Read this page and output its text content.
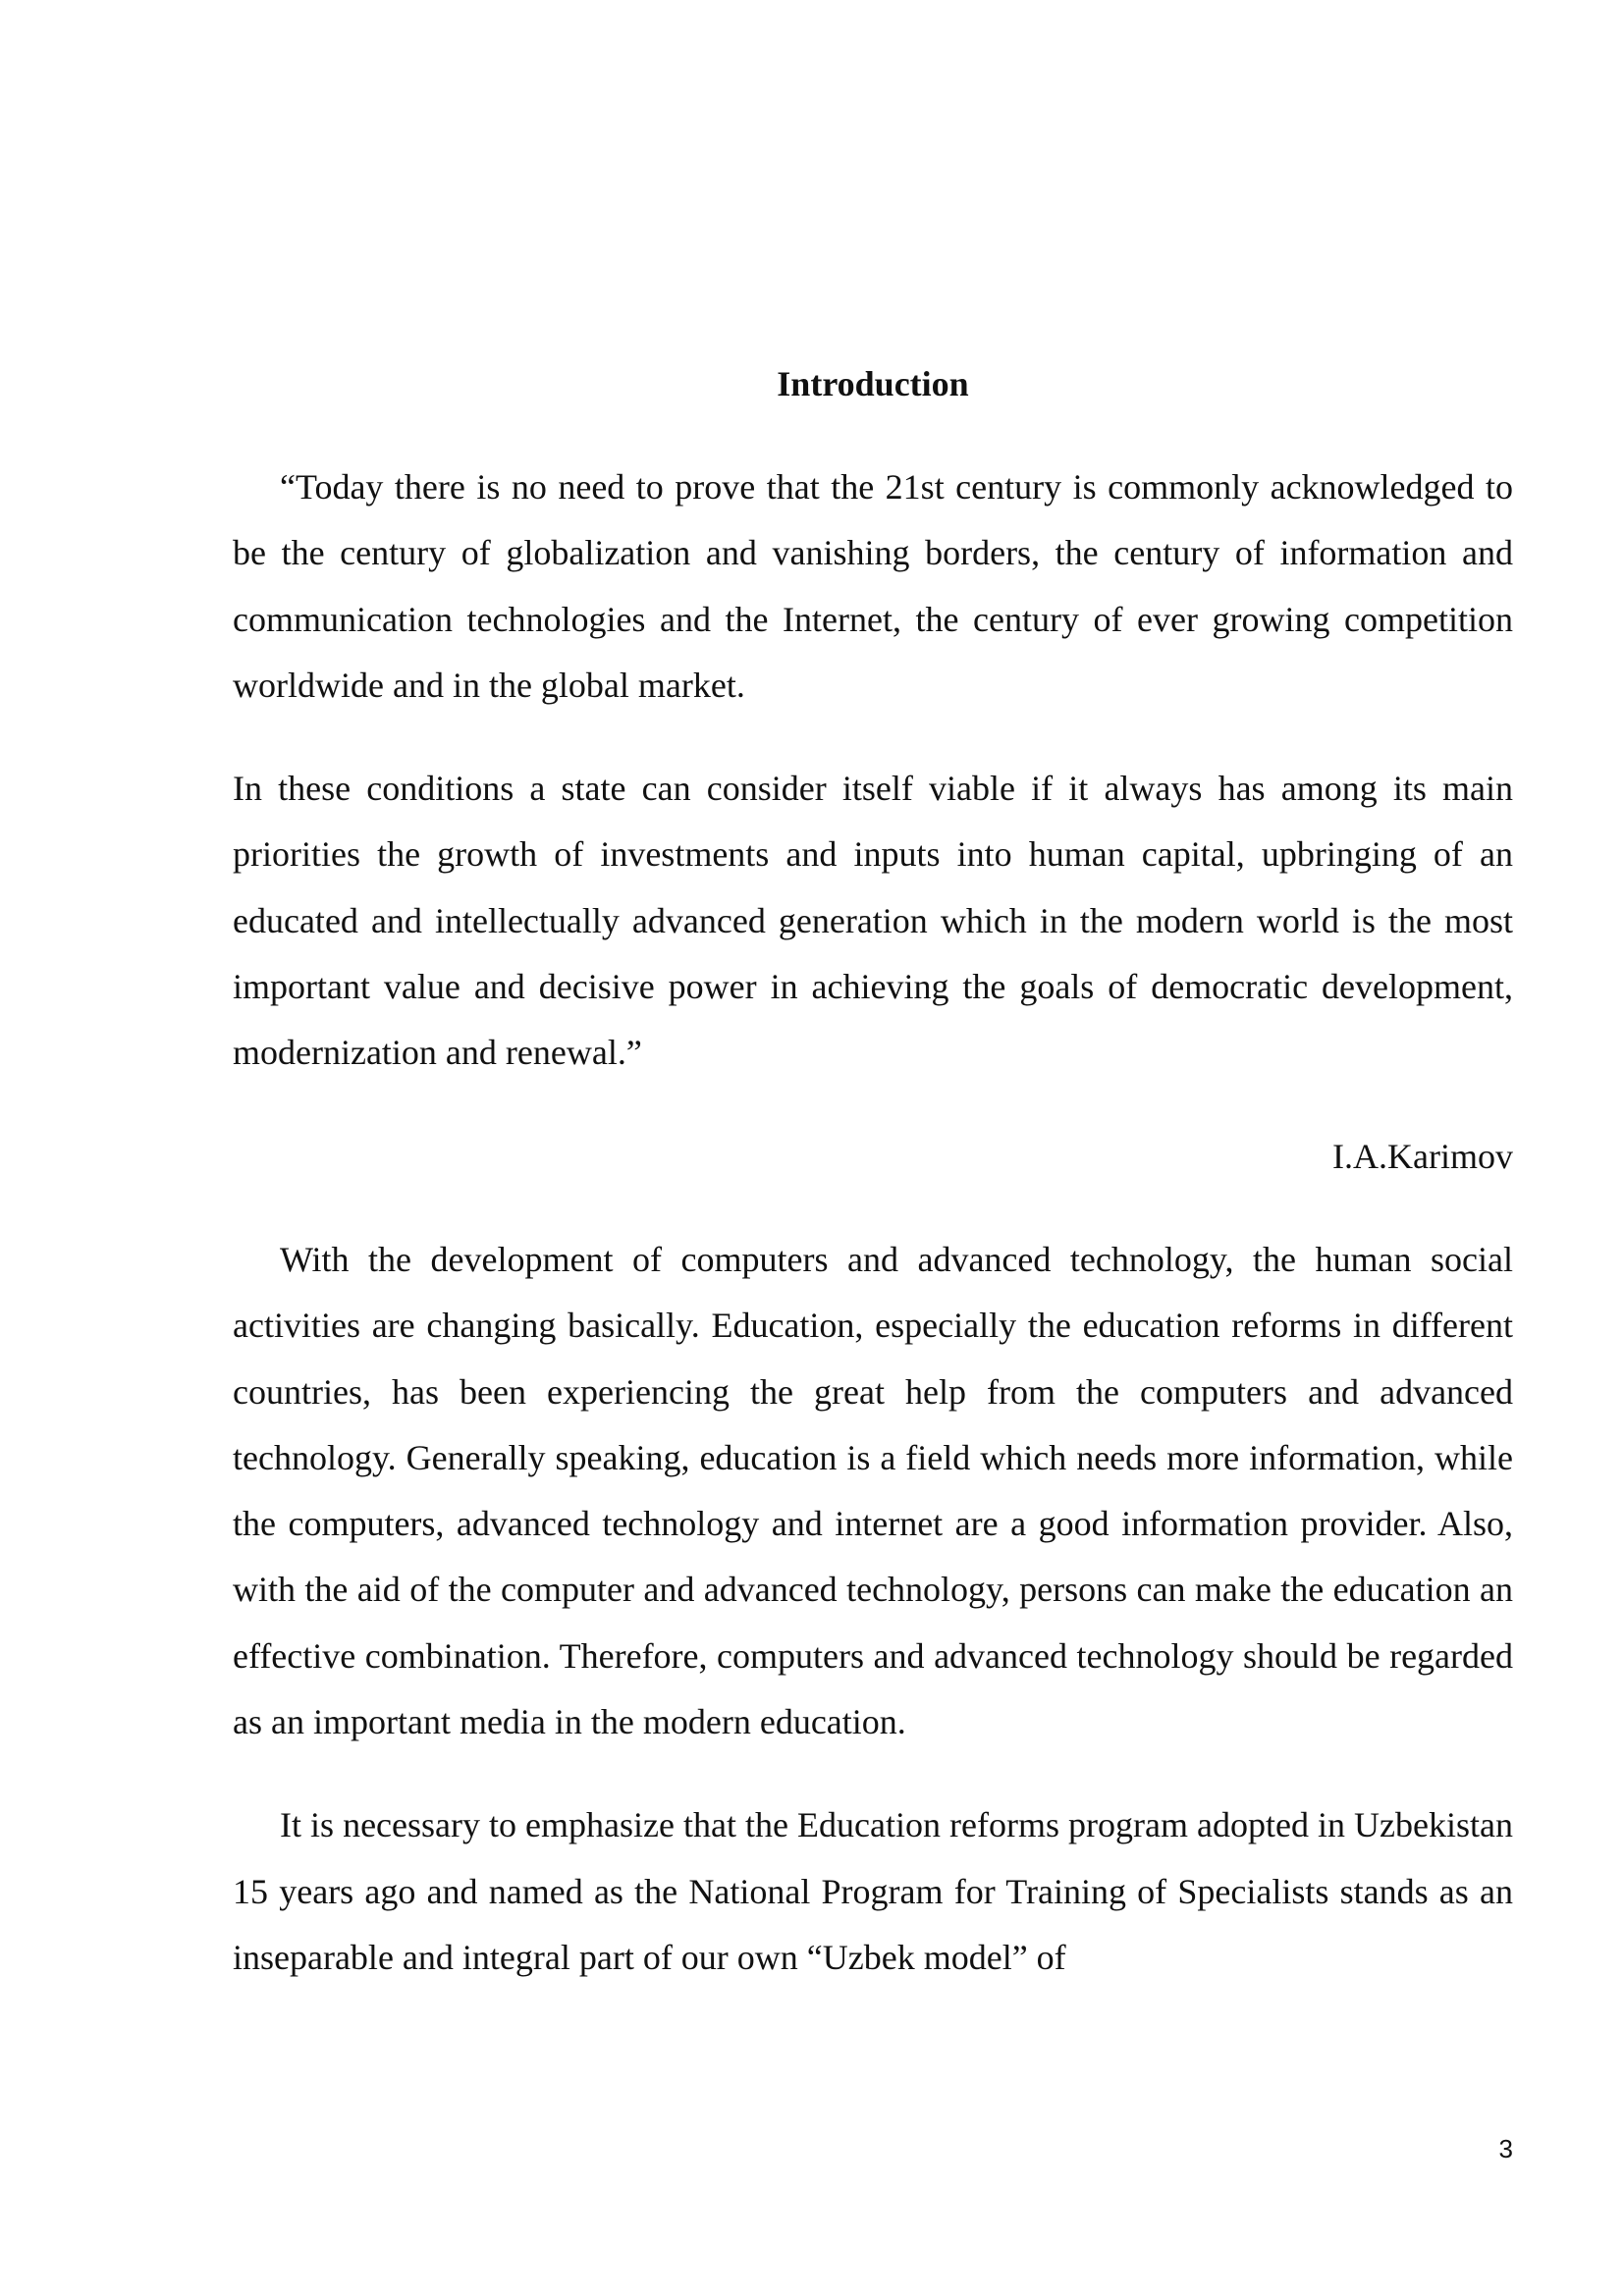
Introduction

“Today there is no need to prove that the 21st century is commonly acknowledged to be the century of globalization and vanishing borders, the century of information and communication technologies and the Internet, the century of ever growing competition worldwide and in the global market.

In these conditions a state can consider itself viable if it always has among its main priorities the growth of investments and inputs into human capital, upbringing of an educated and intellectually advanced generation which in the modern world is the most important value and decisive power in achieving the goals of democratic development, modernization and renewal.”

I.A.Karimov

With the development of computers and advanced technology, the human social activities are changing basically. Education, especially the education reforms in different countries, has been experiencing the great help from the computers and advanced technology. Generally speaking, education is a field which needs more information, while the computers, advanced technology and internet are a good information provider. Also, with the aid of the computer and advanced technology, persons can make the education an effective combination. Therefore, computers and advanced technology should be regarded as an important media in the modern education.

It is necessary to emphasize that the Education reforms program adopted in Uzbekistan 15 years ago and named as the National Program for Training of Specialists stands as an inseparable and integral part of our own “Uzbek model” of

3
